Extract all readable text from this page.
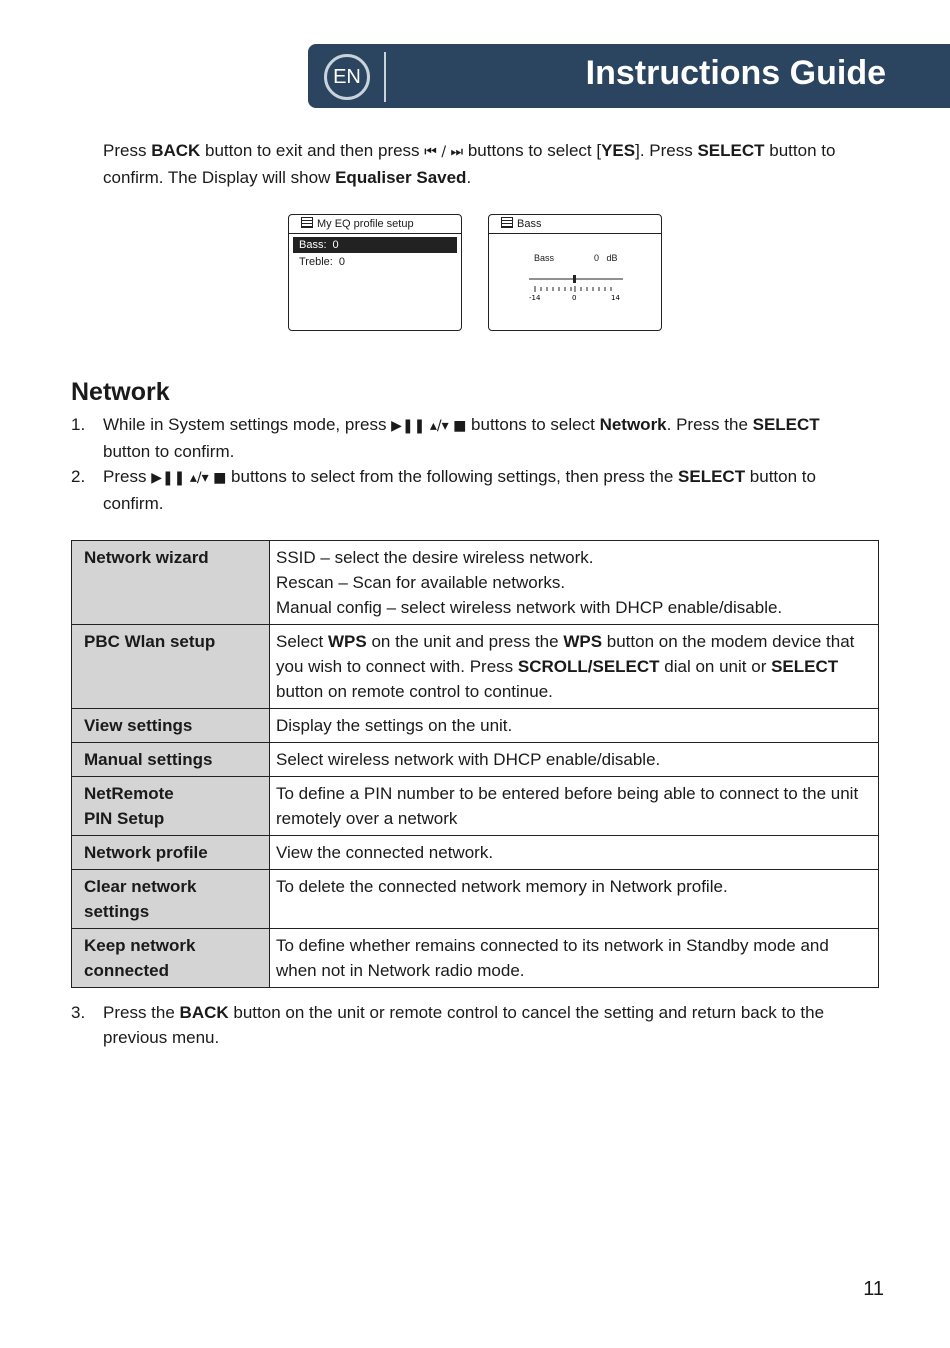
EN	Instructions Guide

Press BACK button to exit and then press ⏮ / ⏭ buttons to select [YES]. Press SELECT button to confirm. The Display will show Equaliser Saved.

My EQ profile setup
Bass: 0
Treble: 0
Bass
Bass	0   dB
-14	0	14
Network
1. While in System settings mode, press ▶❚❚ ▴/▾ ■ buttons to select Network. Press the SELECT button to confirm.
2. Press ▶❚❚ ▴/▾ ■ buttons to select from the following settings, then press the SELECT button to confirm.
Network wizard	SSID – select the desire wireless network.
Rescan – Scan for available networks.
Manual config – select wireless network with DHCP enable/disable.

PBC Wlan setup	Select WPS on the unit and press the WPS button on the modem device that you wish to connect with. Press SCROLL/SELECT dial on unit or SELECT button on remote control to continue.
View settings	Display the settings on the unit.
Manual settings	Select wireless network with DHCP enable/disable.

NetRemote
PIN Setup	To define a PIN number to be entered before being able to connect to the unit remotely over a network
Network profile	View the connected network.
Clear network settings	To delete the connected network memory in Network profile.
Keep network connected	To define whether remains connected to its network in Standby mode and when not in Network radio mode.
3. Press the BACK button on the unit or remote control to cancel the setting and return back to the previous menu.
11
